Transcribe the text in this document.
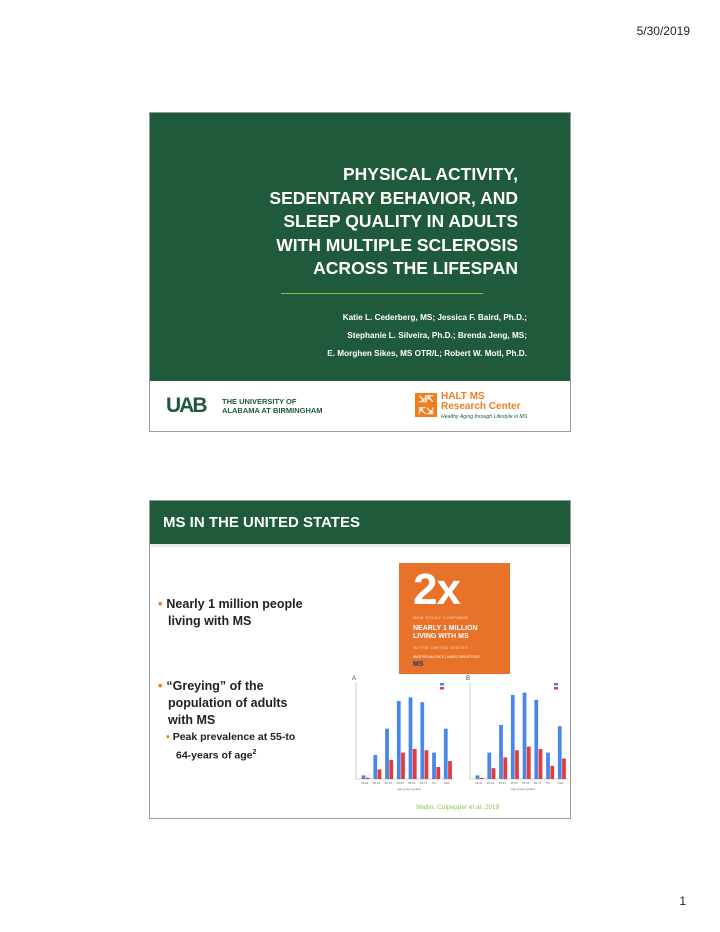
5/30/2019
PHYSICAL ACTIVITY,
SEDENTARY BEHAVIOR, AND
SLEEP QUALITY IN ADULTS
WITH MULTIPLE SCLEROSIS
ACROSS THE LIFESPAN
Katie L. Cederberg, MS; Jessica F. Baird, Ph.D.;
Stephanie L. Silveira, Ph.D.; Brenda Jeng, MS;
E. Morghen Sikes, MS OTR/L; Robert W. Motl, Ph.D.
UAB THE UNIVERSITY OF
ALABAMA AT BIRMINGHAM
⇲⇱
⇱⇲
HALT MS
Research Center
Healthy Aging through Lifestyle in MS
MS IN THE UNITED STATES
• Nearly 1 million people
living with MS
• “Greying” of the
population of adults
with MS
• Peak prevalence at 55-to
64-years of age$^2$
2x
NEW STUDY CONFIRMS
NEARLY 1 MILLION
LIVING WITH MS
IN THE UNITED STATES
#MSPREVALENCE | NMSS.ORG/STUDY
MS
A
18-24 25-34 35-44 45-54 55-64 65-74 75+	Total
Age group (years)
B
18-24 25-34 35-44 45-54 55-64 65-74 75+	Total
Age group (years)
Wallin, Culpepper et al. 2019
1
